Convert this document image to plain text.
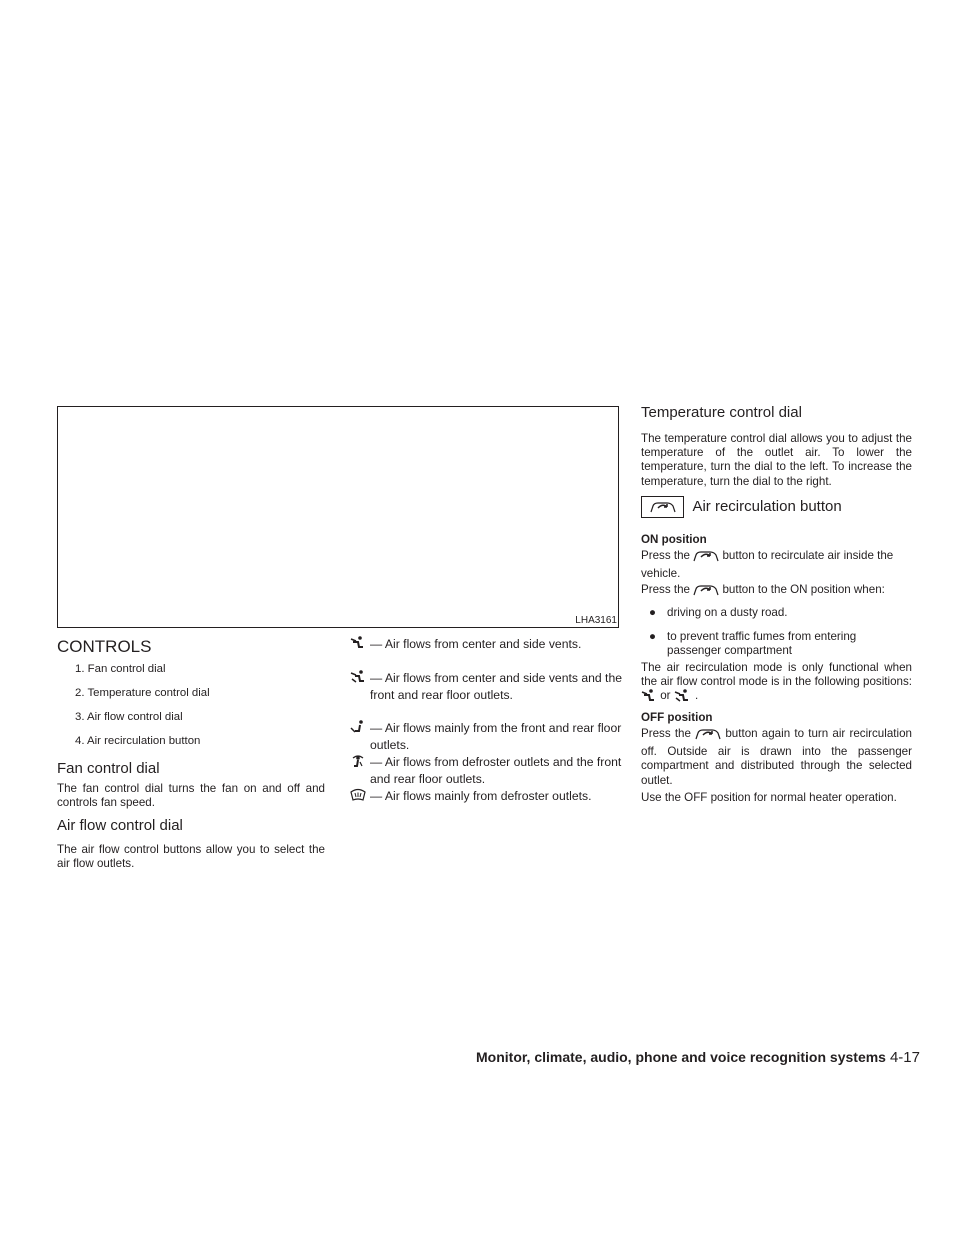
LHA3161
CONTROLS
1. Fan control dial
2. Temperature control dial
3. Air flow control dial
4. Air recirculation button
Fan control dial

The fan control dial turns the fan on and off and controls fan speed.

Air flow control dial

The air flow control buttons allow you to select the air flow outlets.

— Air flows from center and side vents.
— Air flows from center and side vents and the front and rear floor outlets.
— Air flows mainly from the front and rear floor outlets.
— Air flows from defroster outlets and the front and rear floor outlets.
— Air flows mainly from defroster outlets.
Temperature control dial

The temperature control dial allows you to adjust the temperature of the outlet air. To lower the temperature, turn the dial to the left. To increase the temperature, turn the dial to the right.

Air recirculation button
ON position
Press the	button to recirculate air inside the vehicle.
Press the	button to the ON position when:
● driving on a dusty road.
● to prevent traffic fumes from entering passenger compartment
The air recirculation mode is only functional when the air flow control mode is in the following positions:  or .
OFF position
Press the	button again to turn air recirculation off. Outside air is drawn into the passenger compartment and distributed through the selected outlet.
Use the OFF position for normal heater operation.
Monitor, climate, audio, phone and voice recognition systems 4-17
